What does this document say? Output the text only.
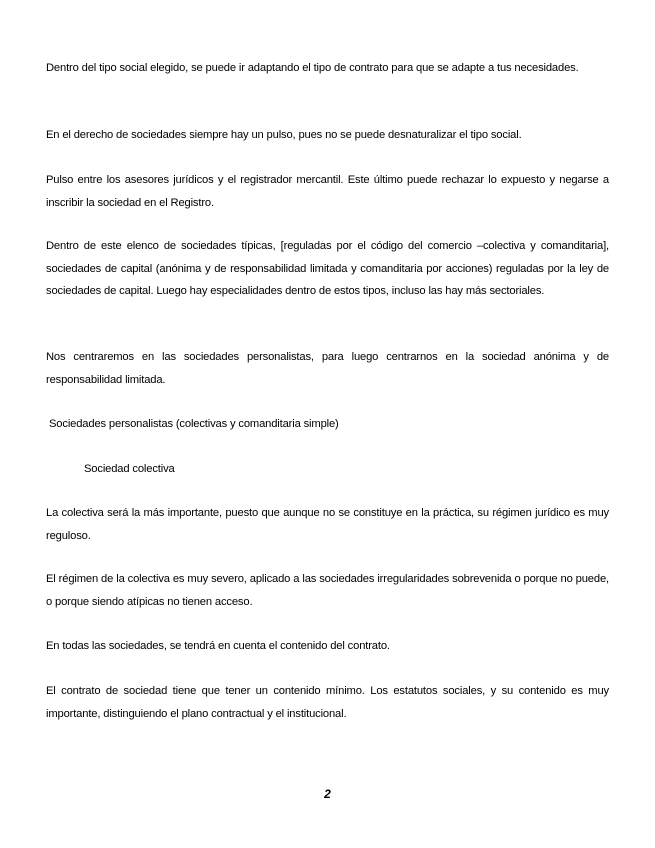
Dentro del tipo social elegido, se puede ir adaptando el tipo de contrato para que se adapte a tus necesidades.

En el derecho de sociedades siempre hay un pulso, pues no se puede desnaturalizar el tipo social.

Pulso entre los asesores jurídicos y el registrador mercantil. Este último puede rechazar lo expuesto y negarse a inscribir la sociedad en el Registro.

Dentro de este elenco de sociedades típicas, [reguladas por el código del comercio –colectiva y comanditaria], sociedades de capital (anónima y de responsabilidad limitada y comanditaria por acciones) reguladas por la ley de sociedades de capital. Luego hay especialidades dentro de estos tipos, incluso las hay más sectoriales.

Nos centraremos en las sociedades personalistas, para luego centrarnos en la sociedad anónima y de responsabilidad limitada.

Sociedades personalistas (colectivas y comanditaria simple)

Sociedad colectiva

La colectiva será la más importante, puesto que aunque no se constituye en la práctica, su régimen jurídico es muy reguloso.

El régimen de la colectiva es muy severo, aplicado a las sociedades irregularidades sobrevenida o porque no puede, o porque siendo atípicas no tienen acceso.

En todas las sociedades, se tendrá en cuenta el contenido del contrato.

El contrato de sociedad tiene que tener un contenido mínimo. Los estatutos sociales, y su contenido es muy importante, distinguiendo el plano contractual y el institucional.

2
